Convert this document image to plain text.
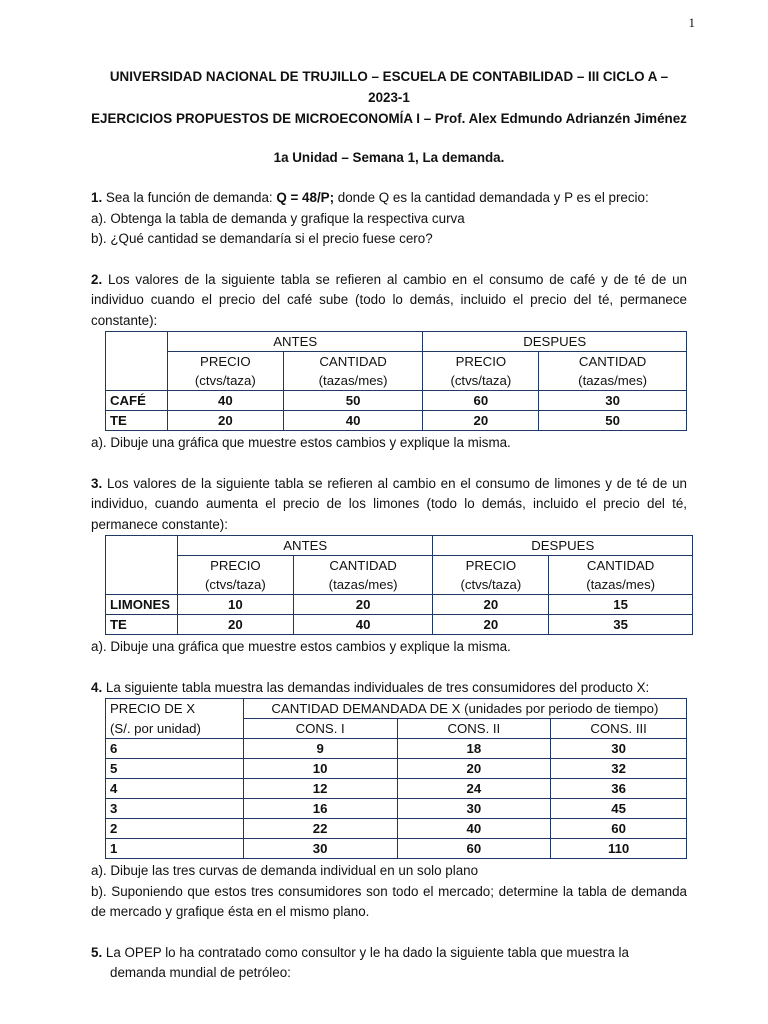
1

UNIVERSIDAD NACIONAL DE TRUJILLO – ESCUELA DE CONTABILIDAD – III CICLO A – 2023-1

EJERCICIOS PROPUESTOS DE MICROECONOMÍA I – Prof. Alex Edmundo Adrianzén Jiménez

1a Unidad – Semana 1, La demanda.

1. Sea la función de demanda: Q = 48/P; donde Q es la cantidad demandada y P es el precio:

a). Obtenga la tabla de demanda y grafique la respectiva curva

b). ¿Qué cantidad se demandaría si el precio fuese cero?

2. Los valores de la siguiente tabla se refieren al cambio en el consumo de café y de té de un individuo cuando el precio del café sube (todo lo demás, incluido el precio del té, permanece constante):

	ANTES		DESPUES	
	PRECIO	CANTIDAD	PRECIO	CANTIDAD
	(ctvs/taza)	(tazas/mes)	(ctvs/taza)	(tazas/mes)
CAFÉ	40	50	60	30
TE	20	40	20	50

a). Dibuje una gráfica que muestre estos cambios y explique la misma.

3. Los valores de la siguiente tabla se refieren al cambio en el consumo de limones y de té de un individuo, cuando aumenta el precio de los limones (todo lo demás, incluido el precio del té, permanece constante):

	ANTES		DESPUES	
	PRECIO	CANTIDAD	PRECIO	CANTIDAD
	(ctvs/taza)	(tazas/mes)	(ctvs/taza)	(tazas/mes)
LIMONES	10	20	20	15
TE	20	40	20	35

a). Dibuje una gráfica que muestre estos cambios y explique la misma.

4. La siguiente tabla muestra las demandas individuales de tres consumidores del producto X:

PRECIO DE X	CANTIDAD DEMANDADA DE X (unidades por periodo de tiempo)		
(S/. por unidad)	CONS. I	CONS. II	CONS. III
6	9	18	30
5	10	20	32
4	12	24	36
3	16	30	45
2	22	40	60
1	30	60	110

a). Dibuje las tres curvas de demanda individual en un solo plano

b). Suponiendo que estos tres consumidores son todo el mercado; determine la tabla de demanda de mercado y grafique ésta en el mismo plano.

5. La OPEP lo ha contratado como consultor y le ha dado la siguiente tabla que muestra la

demanda mundial de petróleo:
